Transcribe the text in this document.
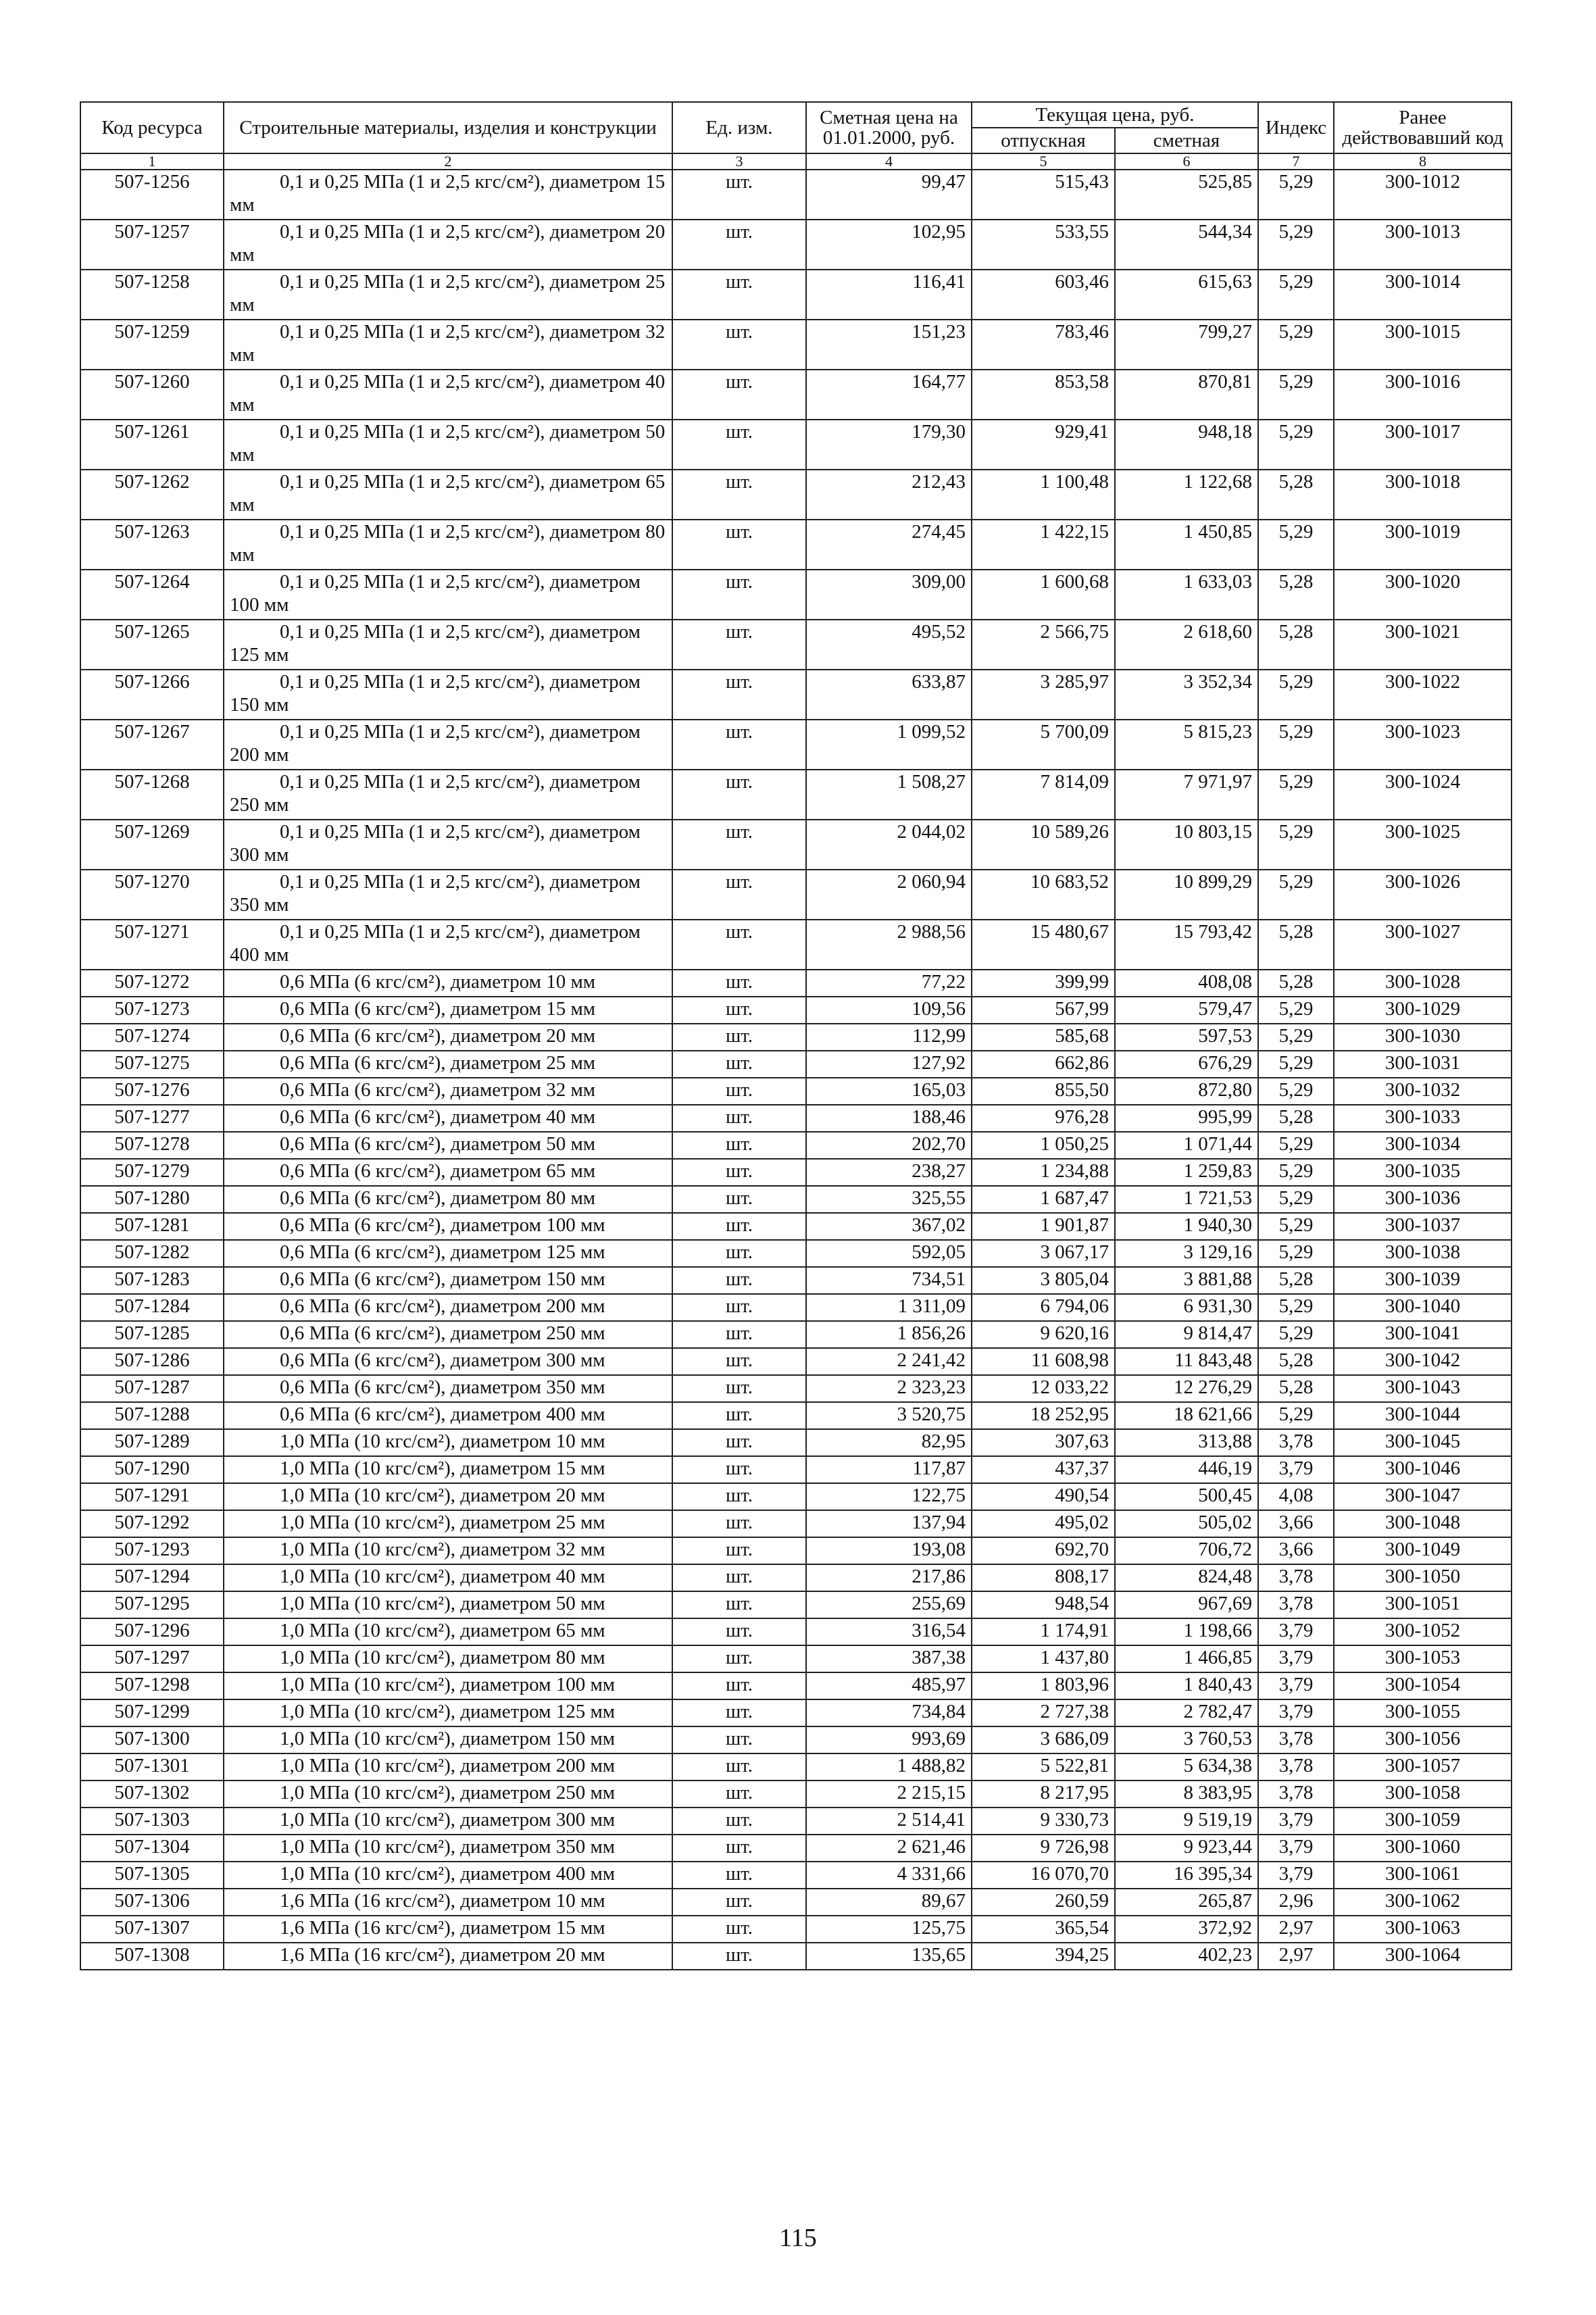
Код ресурса	Строительные материалы, изделия и конструкции	Ед. изм.	Сметная цена на 01.01.2000, руб.	Текущая цена, руб.		Индекс	Ранее действовавший код
				отпускная	сметная		
1	2	3	4	5	6	7	8
507-1256	0,1 и 0,25 МПа (1 и 2,5 кгс/см²), диаметром 15 мм	шт.	99,47	515,43	525,85	5,29	300-1012
507-1257	0,1 и 0,25 МПа (1 и 2,5 кгс/см²), диаметром 20 мм	шт.	102,95	533,55	544,34	5,29	300-1013
507-1258	0,1 и 0,25 МПа (1 и 2,5 кгс/см²), диаметром 25 мм	шт.	116,41	603,46	615,63	5,29	300-1014
507-1259	0,1 и 0,25 МПа (1 и 2,5 кгс/см²), диаметром 32 мм	шт.	151,23	783,46	799,27	5,29	300-1015
507-1260	0,1 и 0,25 МПа (1 и 2,5 кгс/см²), диаметром 40 мм	шт.	164,77	853,58	870,81	5,29	300-1016
507-1261	0,1 и 0,25 МПа (1 и 2,5 кгс/см²), диаметром 50 мм	шт.	179,30	929,41	948,18	5,29	300-1017
507-1262	0,1 и 0,25 МПа (1 и 2,5 кгс/см²), диаметром 65 мм	шт.	212,43	1 100,48	1 122,68	5,28	300-1018
507-1263	0,1 и 0,25 МПа (1 и 2,5 кгс/см²), диаметром 80 мм	шт.	274,45	1 422,15	1 450,85	5,29	300-1019
507-1264	0,1 и 0,25 МПа (1 и 2,5 кгс/см²), диаметром 100 мм	шт.	309,00	1 600,68	1 633,03	5,28	300-1020
507-1265	0,1 и 0,25 МПа (1 и 2,5 кгс/см²), диаметром 125 мм	шт.	495,52	2 566,75	2 618,60	5,28	300-1021
507-1266	0,1 и 0,25 МПа (1 и 2,5 кгс/см²), диаметром 150 мм	шт.	633,87	3 285,97	3 352,34	5,29	300-1022
507-1267	0,1 и 0,25 МПа (1 и 2,5 кгс/см²), диаметром 200 мм	шт.	1 099,52	5 700,09	5 815,23	5,29	300-1023
507-1268	0,1 и 0,25 МПа (1 и 2,5 кгс/см²), диаметром 250 мм	шт.	1 508,27	7 814,09	7 971,97	5,29	300-1024
507-1269	0,1 и 0,25 МПа (1 и 2,5 кгс/см²), диаметром 300 мм	шт.	2 044,02	10 589,26	10 803,15	5,29	300-1025
507-1270	0,1 и 0,25 МПа (1 и 2,5 кгс/см²), диаметром 350 мм	шт.	2 060,94	10 683,52	10 899,29	5,29	300-1026
507-1271	0,1 и 0,25 МПа (1 и 2,5 кгс/см²), диаметром 400 мм	шт.	2 988,56	15 480,67	15 793,42	5,28	300-1027
507-1272	0,6 МПа (6 кгс/см²), диаметром 10 мм	шт.	77,22	399,99	408,08	5,28	300-1028
507-1273	0,6 МПа (6 кгс/см²), диаметром 15 мм	шт.	109,56	567,99	579,47	5,29	300-1029
507-1274	0,6 МПа (6 кгс/см²), диаметром 20 мм	шт.	112,99	585,68	597,53	5,29	300-1030
507-1275	0,6 МПа (6 кгс/см²), диаметром 25 мм	шт.	127,92	662,86	676,29	5,29	300-1031
507-1276	0,6 МПа (6 кгс/см²), диаметром 32 мм	шт.	165,03	855,50	872,80	5,29	300-1032
507-1277	0,6 МПа (6 кгс/см²), диаметром 40 мм	шт.	188,46	976,28	995,99	5,28	300-1033
507-1278	0,6 МПа (6 кгс/см²), диаметром 50 мм	шт.	202,70	1 050,25	1 071,44	5,29	300-1034
507-1279	0,6 МПа (6 кгс/см²), диаметром 65 мм	шт.	238,27	1 234,88	1 259,83	5,29	300-1035
507-1280	0,6 МПа (6 кгс/см²), диаметром 80 мм	шт.	325,55	1 687,47	1 721,53	5,29	300-1036
507-1281	0,6 МПа (6 кгс/см²), диаметром 100 мм	шт.	367,02	1 901,87	1 940,30	5,29	300-1037
507-1282	0,6 МПа (6 кгс/см²), диаметром 125 мм	шт.	592,05	3 067,17	3 129,16	5,29	300-1038
507-1283	0,6 МПа (6 кгс/см²), диаметром 150 мм	шт.	734,51	3 805,04	3 881,88	5,28	300-1039
507-1284	0,6 МПа (6 кгс/см²), диаметром 200 мм	шт.	1 311,09	6 794,06	6 931,30	5,29	300-1040
507-1285	0,6 МПа (6 кгс/см²), диаметром 250 мм	шт.	1 856,26	9 620,16	9 814,47	5,29	300-1041
507-1286	0,6 МПа (6 кгс/см²), диаметром 300 мм	шт.	2 241,42	11 608,98	11 843,48	5,28	300-1042
507-1287	0,6 МПа (6 кгс/см²), диаметром 350 мм	шт.	2 323,23	12 033,22	12 276,29	5,28	300-1043
507-1288	0,6 МПа (6 кгс/см²), диаметром 400 мм	шт.	3 520,75	18 252,95	18 621,66	5,29	300-1044
507-1289	1,0 МПа (10 кгс/см²), диаметром 10 мм	шт.	82,95	307,63	313,88	3,78	300-1045
507-1290	1,0 МПа (10 кгс/см²), диаметром 15 мм	шт.	117,87	437,37	446,19	3,79	300-1046
507-1291	1,0 МПа (10 кгс/см²), диаметром 20 мм	шт.	122,75	490,54	500,45	4,08	300-1047
507-1292	1,0 МПа (10 кгс/см²), диаметром 25 мм	шт.	137,94	495,02	505,02	3,66	300-1048
507-1293	1,0 МПа (10 кгс/см²), диаметром 32 мм	шт.	193,08	692,70	706,72	3,66	300-1049
507-1294	1,0 МПа (10 кгс/см²), диаметром 40 мм	шт.	217,86	808,17	824,48	3,78	300-1050
507-1295	1,0 МПа (10 кгс/см²), диаметром 50 мм	шт.	255,69	948,54	967,69	3,78	300-1051
507-1296	1,0 МПа (10 кгс/см²), диаметром 65 мм	шт.	316,54	1 174,91	1 198,66	3,79	300-1052
507-1297	1,0 МПа (10 кгс/см²), диаметром 80 мм	шт.	387,38	1 437,80	1 466,85	3,79	300-1053
507-1298	1,0 МПа (10 кгс/см²), диаметром 100 мм	шт.	485,97	1 803,96	1 840,43	3,79	300-1054
507-1299	1,0 МПа (10 кгс/см²), диаметром 125 мм	шт.	734,84	2 727,38	2 782,47	3,79	300-1055
507-1300	1,0 МПа (10 кгс/см²), диаметром 150 мм	шт.	993,69	3 686,09	3 760,53	3,78	300-1056
507-1301	1,0 МПа (10 кгс/см²), диаметром 200 мм	шт.	1 488,82	5 522,81	5 634,38	3,78	300-1057
507-1302	1,0 МПа (10 кгс/см²), диаметром 250 мм	шт.	2 215,15	8 217,95	8 383,95	3,78	300-1058
507-1303	1,0 МПа (10 кгс/см²), диаметром 300 мм	шт.	2 514,41	9 330,73	9 519,19	3,79	300-1059
507-1304	1,0 МПа (10 кгс/см²), диаметром 350 мм	шт.	2 621,46	9 726,98	9 923,44	3,79	300-1060
507-1305	1,0 МПа (10 кгс/см²), диаметром 400 мм	шт.	4 331,66	16 070,70	16 395,34	3,79	300-1061
507-1306	1,6 МПа (16 кгс/см²), диаметром 10 мм	шт.	89,67	260,59	265,87	2,96	300-1062
507-1307	1,6 МПа (16 кгс/см²), диаметром 15 мм	шт.	125,75	365,54	372,92	2,97	300-1063
507-1308	1,6 МПа (16 кгс/см²), диаметром 20 мм	шт.	135,65	394,25	402,23	2,97	300-1064
115
